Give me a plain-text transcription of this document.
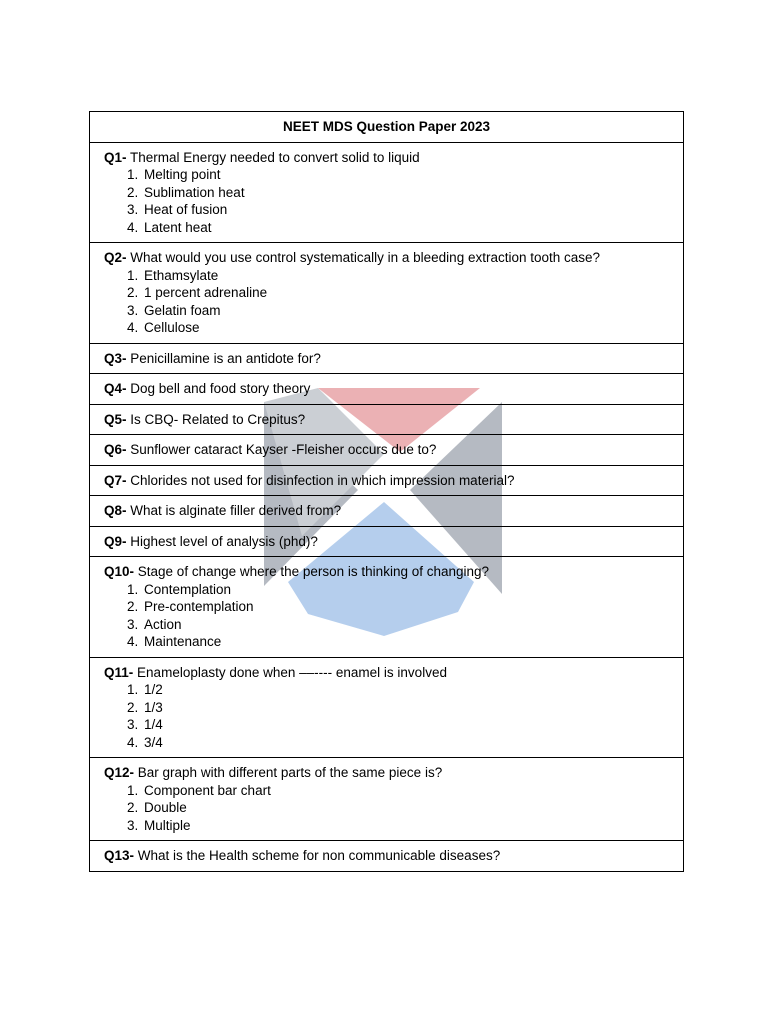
NEET MDS Question Paper 2023
Q1- Thermal Energy needed to convert solid to liquid
1. Melting point
2. Sublimation heat
3. Heat of fusion
4. Latent heat

Q2- What would you use control systematically in a bleeding extraction tooth case?
1. Ethamsylate
2. 1 percent adrenaline
3. Gelatin foam
4. Cellulose

Q3- Penicillamine is an antidote for?
Q4- Dog bell and food story theory
Q5- Is CBQ- Related to Crepitus?
Q6- Sunflower cataract Kayser -Fleisher occurs due to?
Q7- Chlorides not used for disinfection in which impression material?
Q8- What is alginate filler derived from?
Q9- Highest level of analysis (phd)?
Q10- Stage of change where the person is thinking of changing?
1. Contemplation
2. Pre-contemplation
3. Action
4. Maintenance

Q11- Enameloplasty done when ––---- enamel is involved
1. 1/2
2. 1/3
3. 1/4
4. 3/4

Q12- Bar graph with different parts of the same piece is?
1. Component bar chart
2. Double
3. Multiple

Q13- What is the Health scheme for non communicable diseases?
